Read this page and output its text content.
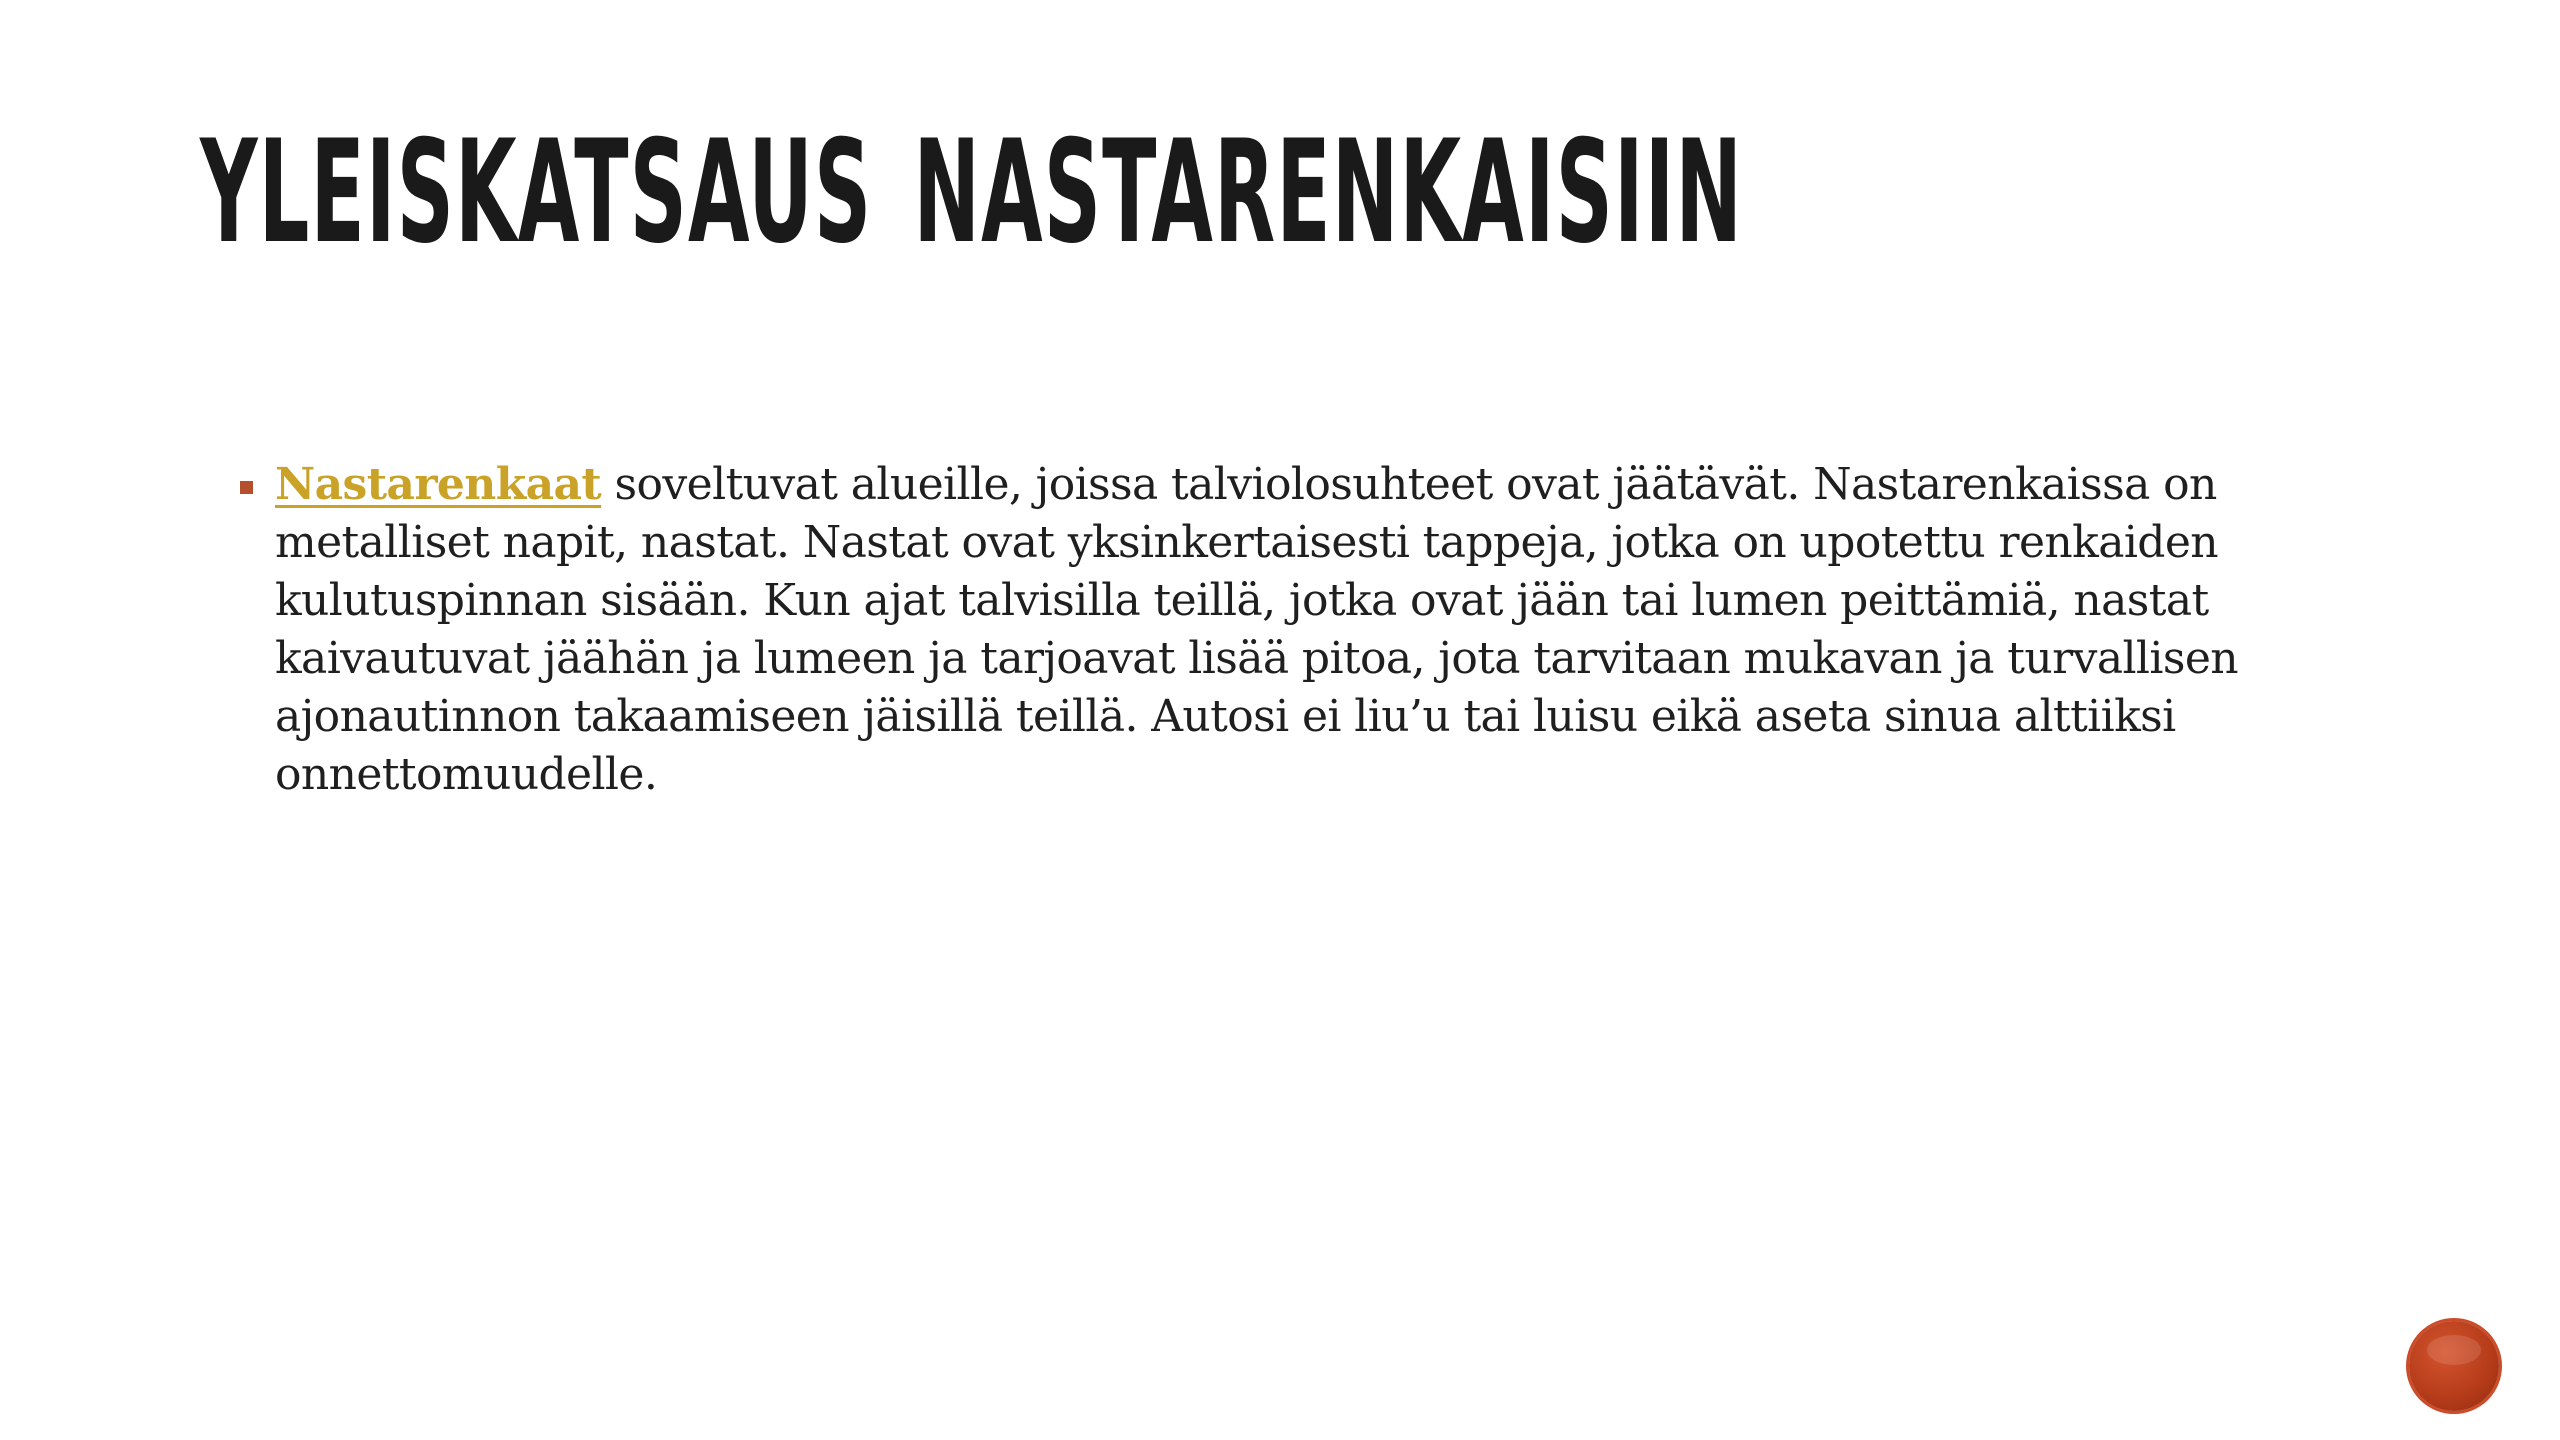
YLEISKATSAUS NASTARENKAISIIN
Nastarenkaat soveltuvat alueille, joissa talviolosuhteet ovat jäätävät. Nastarenkaissa on metalliset napit, nastat. Nastat ovat yksinkertaisesti tappeja, jotka on upotettu renkaiden kulutuspinnan sisään. Kun ajat talvisilla teillä, jotka ovat jään tai lumen peittämiä, nastat kaivautuvat jäähän ja lumeen ja tarjoavat lisää pitoa, jota tarvitaan mukavan ja turvallisen ajonautinnon takaamiseen jäisillä teillä. Autosi ei liu’u tai luisu eikä aseta sinua alttiiksi onnettomuudelle.
